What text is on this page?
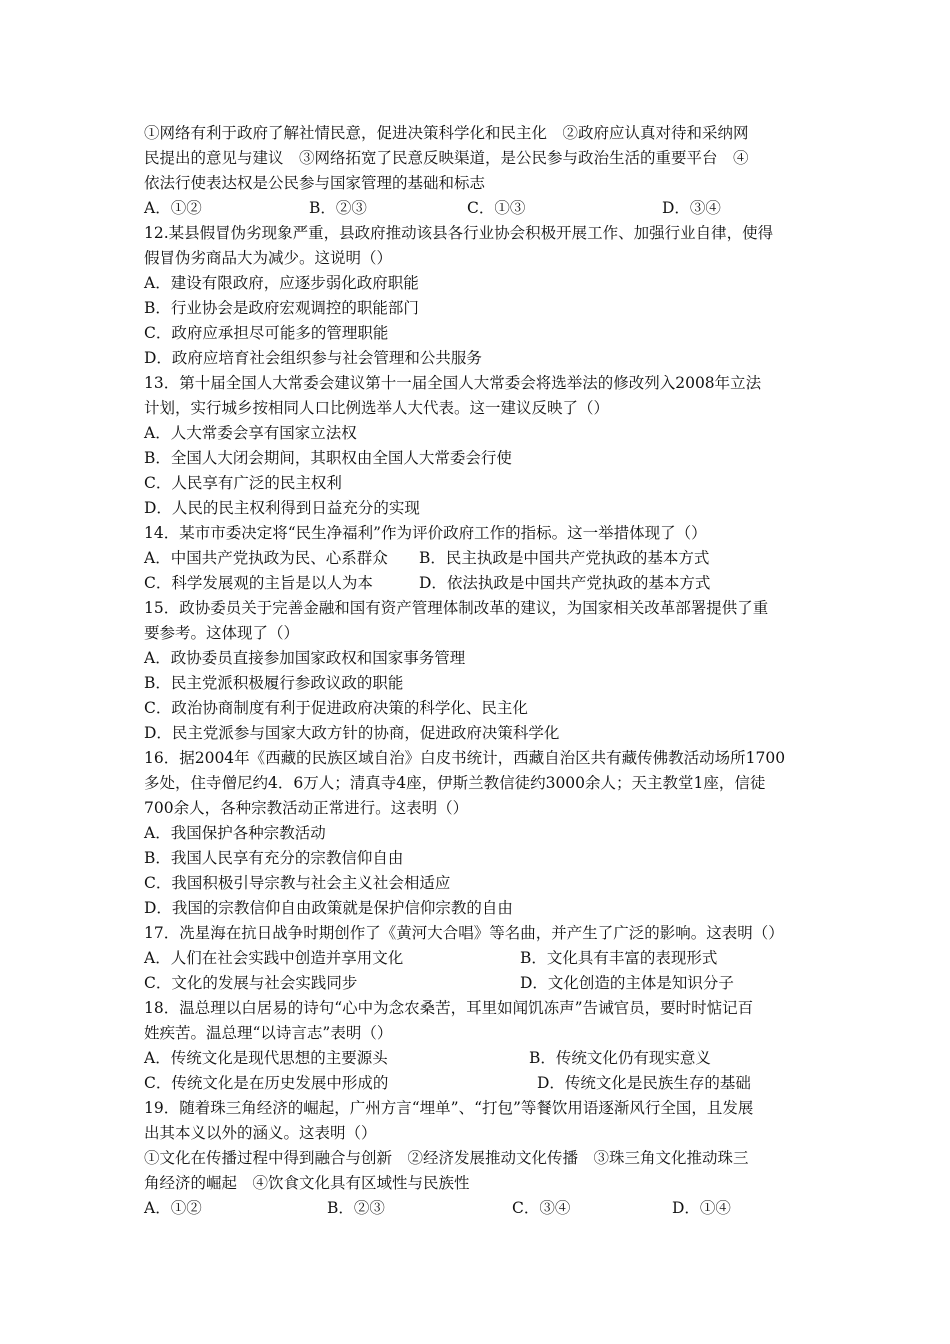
①网络有利于政府了解社情民意，促进决策科学化和民主化　②政府应认真对待和采纳网
民提出的意见与建议　③网络拓宽了民意反映渠道，是公民参与政治生活的重要平台　④
依法行使表达权是公民参与国家管理的基础和标志
A．①②	B．②③	C．①③	D．③④
12.某县假冒伪劣现象严重，县政府推动该县各行业协会积极开展工作、加强行业自律，使得
假冒伪劣商品大为减少。这说明（）
A．建设有限政府，应逐步弱化政府职能
B．行业协会是政府宏观调控的职能部门
C．政府应承担尽可能多的管理职能
D．政府应培育社会组织参与社会管理和公共服务
13．第十届全国人大常委会建议第十一届全国人大常委会将选举法的修改列入2008年立法
计划，实行城乡按相同人口比例选举人大代表。这一建议反映了（）
A．人大常委会享有国家立法权
B．全国人大闭会期间，其职权由全国人大常委会行使
C．人民享有广泛的民主权利
D．人民的民主权利得到日益充分的实现
14．某市市委决定将“民生净福利”作为评价政府工作的指标。这一举措体现了（）
A．中国共产党执政为民、心系群众	B．民主执政是中国共产党执政的基本方式
C．科学发展观的主旨是以人为本	D．依法执政是中国共产党执政的基本方式
15．政协委员关于完善金融和国有资产管理体制改革的建议，为国家相关改革部署提供了重
要参考。这体现了（）
A．政协委员直接参加国家政权和国家事务管理
B．民主党派积极履行参政议政的职能
C．政治协商制度有利于促进政府决策的科学化、民主化
D．民主党派参与国家大政方针的协商，促进政府决策科学化
16．据2004年《西藏的民族区域自治》白皮书统计，西藏自治区共有藏传佛教活动场所1700
多处，住寺僧尼约4．6万人；清真寺4座，伊斯兰教信徒约3000余人；天主教堂1座，信徒
700余人，各种宗教活动正常进行。这表明（）
A．我国保护各种宗教活动
B．我国人民享有充分的宗教信仰自由
C．我国积极引导宗教与社会主义社会相适应
D．我国的宗教信仰自由政策就是保护信仰宗教的自由
17．冼星海在抗日战争时期创作了《黄河大合唱》等名曲，并产生了广泛的影响。这表明（）
A．人们在社会实践中创造并享用文化	B．文化具有丰富的表现形式
C．文化的发展与社会实践同步	D．文化创造的主体是知识分子
18．温总理以白居易的诗句“心中为念农桑苦，耳里如闻饥冻声”告诫官员，要时时惦记百
姓疾苦。温总理“以诗言志”表明（）
A．传统文化是现代思想的主要源头	B．传统文化仍有现实意义
C．传统文化是在历史发展中形成的	D．传统文化是民族生存的基础
19．随着珠三角经济的崛起，广州方言“埋单”、“打包”等餐饮用语逐渐风行全国，且发展
出其本义以外的涵义。这表明（）
①文化在传播过程中得到融合与创新　②经济发展推动文化传播　③珠三角文化推动珠三
角经济的崛起　④饮食文化具有区域性与民族性
A．①②	B．②③	C．③④	D．①④
